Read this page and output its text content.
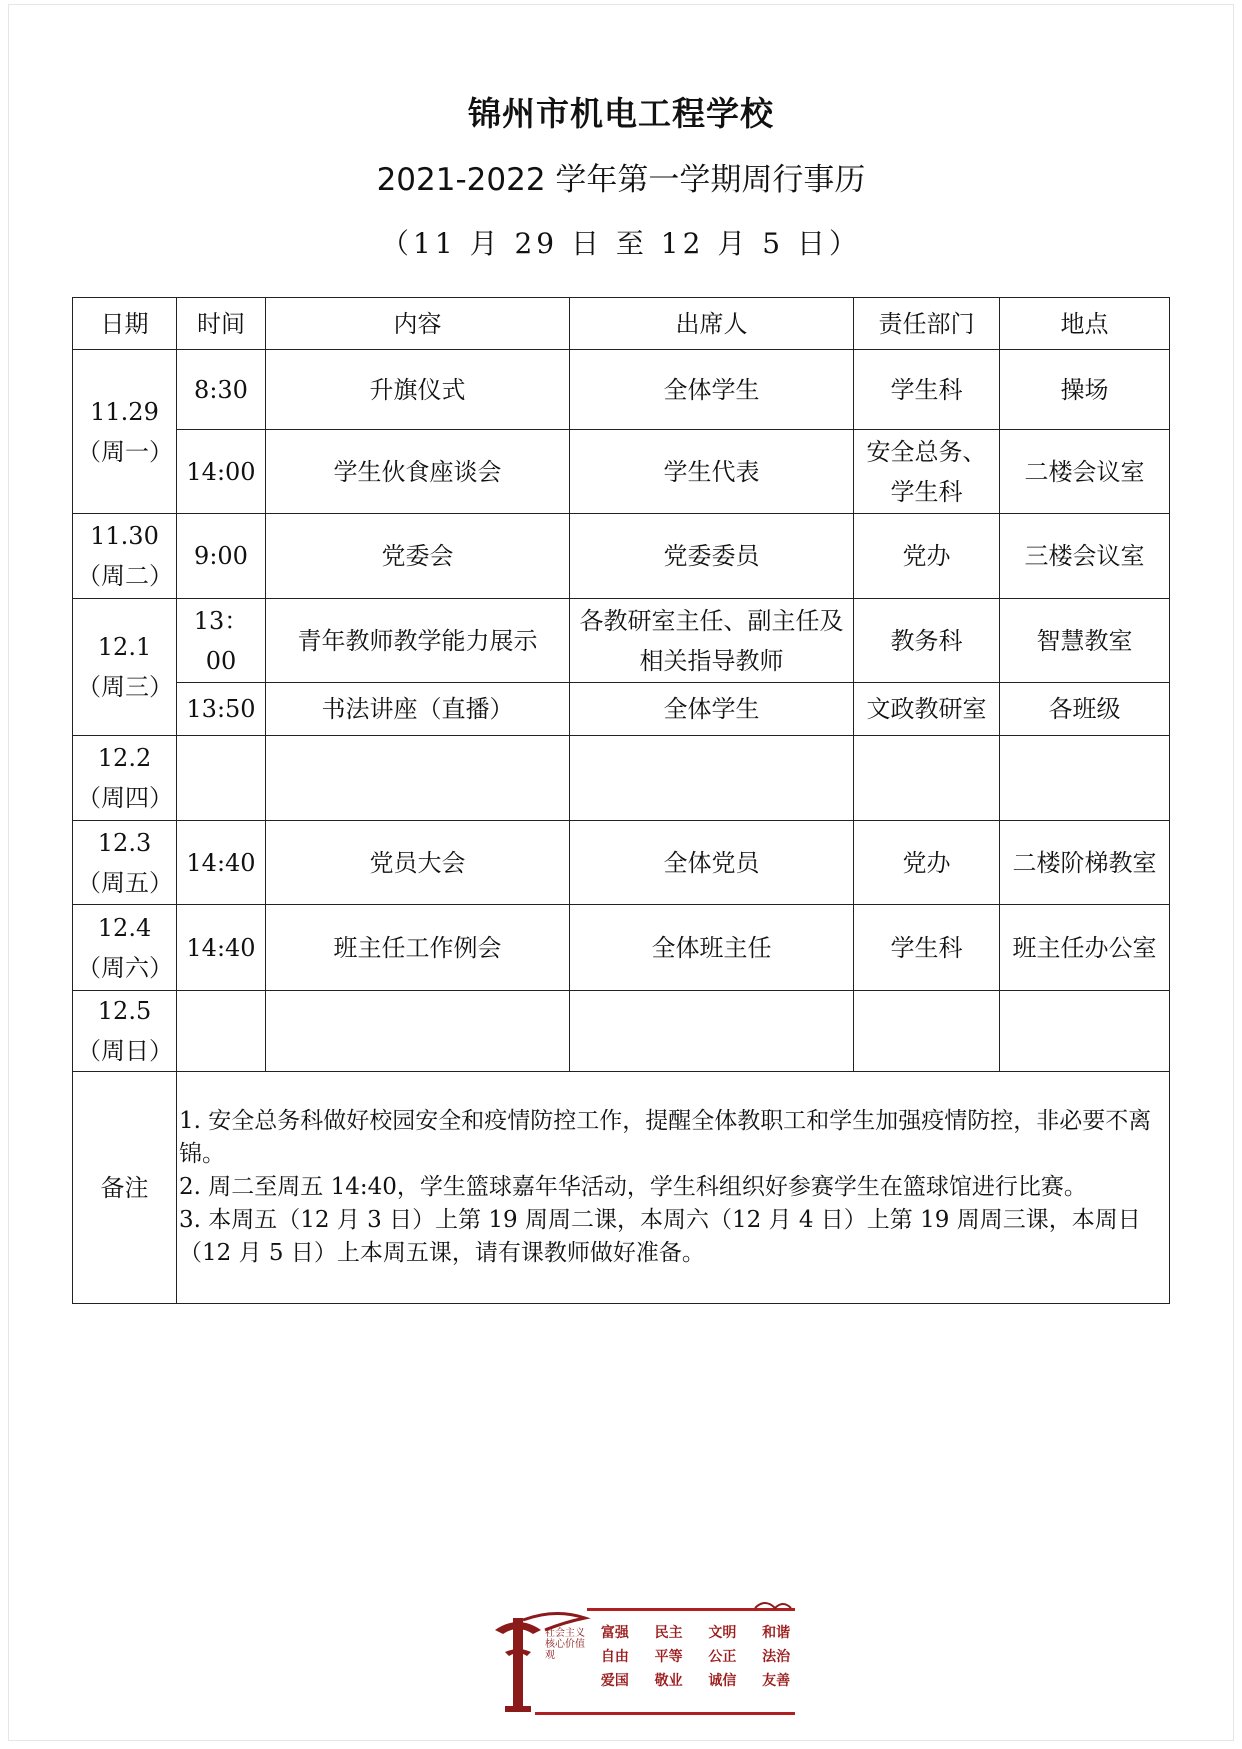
锦州市机电工程学校
2021-2022 学年第一学期周行事历
（11 月 29 日 至 12 月 5 日）
日期	时间	内容	出席人	责任部门	地点

11.29
（周一）	8:30	升旗仪式	全体学生	学生科	操场
	14:00	学生伙食座谈会	学生代表	安全总务、学生科	二楼会议室

11.30
（周二）	9:00	党委会	党委委员	党办	三楼会议室

12.1
（周三）	13：00	青年教师教学能力展示	各教研室主任、副主任及相关指导教师	教务科	智慧教室
	13:50	书法讲座（直播）	全体学生	文政教研室	各班级

12.2
（周四）					

12.3
（周五）	14:40	党员大会	全体党员	党办	二楼阶梯教室

12.4
（周六）	14:40	班主任工作例会	全体班主任	学生科	班主任办公室

12.5
（周日）					

备注	1. 安全总务科做好校园安全和疫情防控工作，提醒全体教职工和学生加强疫情防控，非必要不离锦。
2. 周二至周五 14:40，学生篮球嘉年华活动，学生科组织好参赛学生在篮球馆进行比赛。
3. 本周五（12 月 3 日）上第 19 周周二课，本周六（12 月 4 日）上第 19 周周三课，本周日（12 月 5 日）上本周五课，请有课教师做好准备。				
社会主义核心价值观
富强	民主	文明	和谐
自由	平等	公正	法治
爱国	敬业	诚信	友善
